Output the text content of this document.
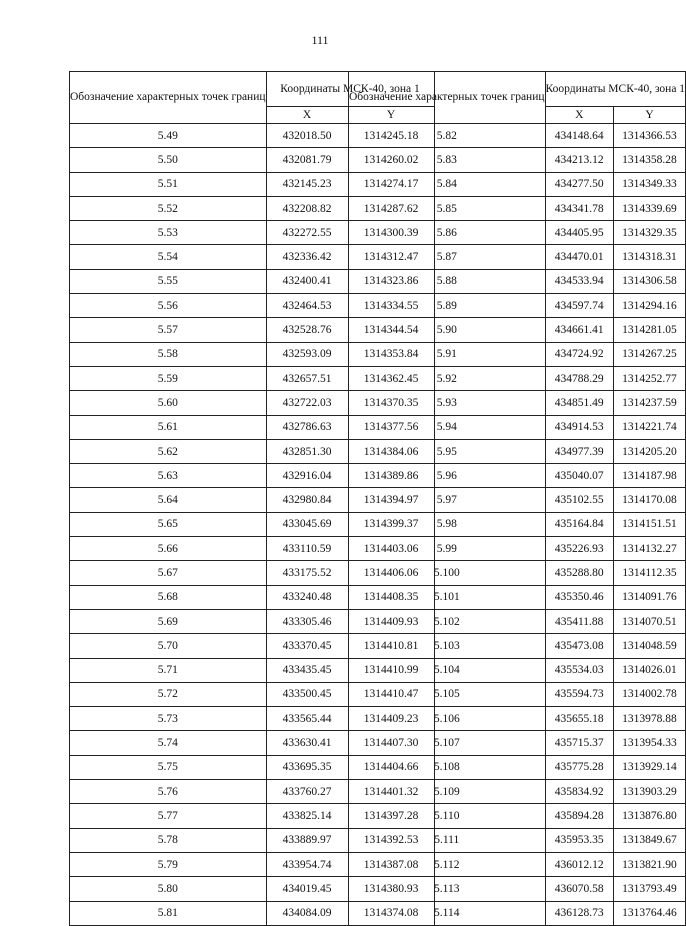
111
Обозначение характерных точек границ	Координаты МСК-40, зона 1	
	X	Y
5.49	432018.50	1314245.18
5.50	432081.79	1314260.02
5.51	432145.23	1314274.17
5.52	432208.82	1314287.62
5.53	432272.55	1314300.39
5.54	432336.42	1314312.47
5.55	432400.41	1314323.86
5.56	432464.53	1314334.55
5.57	432528.76	1314344.54
5.58	432593.09	1314353.84
5.59	432657.51	1314362.45
5.60	432722.03	1314370.35
5.61	432786.63	1314377.56
5.62	432851.30	1314384.06
5.63	432916.04	1314389.86
5.64	432980.84	1314394.97
5.65	433045.69	1314399.37
5.66	433110.59	1314403.06
5.67	433175.52	1314406.06
5.68	433240.48	1314408.35
5.69	433305.46	1314409.93
5.70	433370.45	1314410.81
5.71	433435.45	1314410.99
5.72	433500.45	1314410.47
5.73	433565.44	1314409.23
5.74	433630.41	1314407.30
5.75	433695.35	1314404.66
5.76	433760.27	1314401.32
5.77	433825.14	1314397.28
5.78	433889.97	1314392.53
5.79	433954.74	1314387.08
5.80	434019.45	1314380.93
5.81	434084.09	1314374.08
Обозначение характерных точек границ	Координаты МСК-40, зона 1	
	X	Y
5.82	434148.64	1314366.53
5.83	434213.12	1314358.28
5.84	434277.50	1314349.33
5.85	434341.78	1314339.69
5.86	434405.95	1314329.35
5.87	434470.01	1314318.31
5.88	434533.94	1314306.58
5.89	434597.74	1314294.16
5.90	434661.41	1314281.05
5.91	434724.92	1314267.25
5.92	434788.29	1314252.77
5.93	434851.49	1314237.59
5.94	434914.53	1314221.74
5.95	434977.39	1314205.20
5.96	435040.07	1314187.98
5.97	435102.55	1314170.08
5.98	435164.84	1314151.51
5.99	435226.93	1314132.27
5.100	435288.80	1314112.35
5.101	435350.46	1314091.76
5.102	435411.88	1314070.51
5.103	435473.08	1314048.59
5.104	435534.03	1314026.01
5.105	435594.73	1314002.78
5.106	435655.18	1313978.88
5.107	435715.37	1313954.33
5.108	435775.28	1313929.14
5.109	435834.92	1313903.29
5.110	435894.28	1313876.80
5.111	435953.35	1313849.67
5.112	436012.12	1313821.90
5.113	436070.58	1313793.49
5.114	436128.73	1313764.46
